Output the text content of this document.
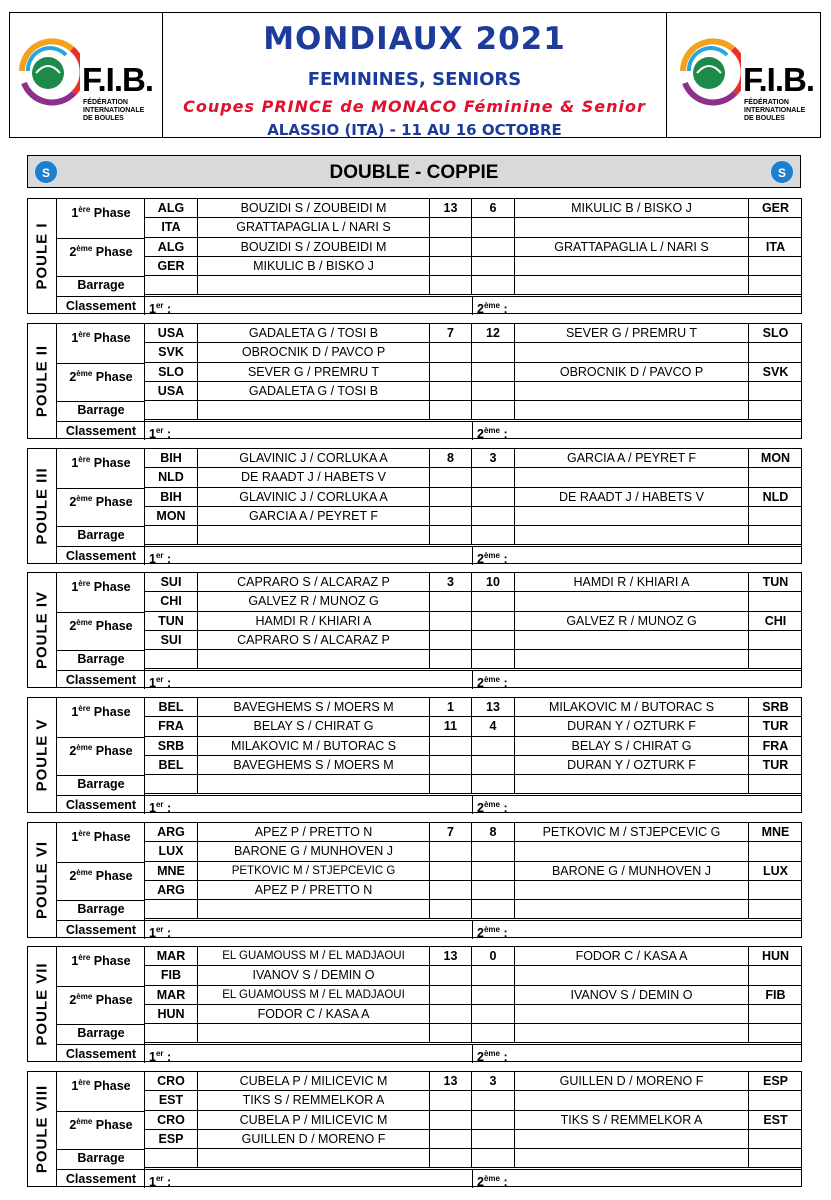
F.I.B.
FÉDÉRATION
INTERNATIONALE
DE BOULES
MONDIAUX 2021
FEMININES, SENIORS
Coupes PRINCE de MONACO Féminine & Senior
ALASSIO (ITA) - 11 AU 16 OCTOBRE
F.I.B.
FÉDÉRATION
INTERNATIONALE
DE BOULES
S	DOUBLE - COPPIE	S
POULE I
1ère Phase
2ème Phase
ALG	BOUZIDI S / ZOUBEIDI M	13	6	MIKULIC B / BISKO J	GER
ITA	GRATTAPAGLIA L / NARI S
ALG	BOUZIDI S / ZOUBEIDI M	GRATTAPAGLIA L / NARI S	ITA
GER	MIKULIC B / BISKO J
Barrage
Classement	1er :	2ème :
POULE II
1ère Phase
2ème Phase
USA	GADALETA G / TOSI B	7	12	SEVER G / PREMRU T	SLO
SVK	OBROCNIK D / PAVCO P
SLO	SEVER G / PREMRU T	OBROCNIK D / PAVCO P	SVK
USA	GADALETA G / TOSI B
Barrage
Classement	1er :	2ème :
POULE III
1ère Phase
2ème Phase
BIH	GLAVINIC J / CORLUKA A	8	3	GARCIA A / PEYRET F	MON
NLD	DE RAADT J / HABETS V
BIH	GLAVINIC J / CORLUKA A	DE RAADT J / HABETS V	NLD
MON	GARCIA A / PEYRET F
Barrage
Classement	1er :	2ème :
POULE IV
1ère Phase
2ème Phase
SUI	CAPRARO S / ALCARAZ P	3	10	HAMDI R / KHIARI A	TUN
CHI	GALVEZ R / MUNOZ G
TUN	HAMDI R / KHIARI A	GALVEZ R / MUNOZ G	CHI
SUI	CAPRARO S / ALCARAZ P
Barrage
Classement	1er :	2ème :
POULE V
1ère Phase
2ème Phase
BEL	BAVEGHEMS S / MOERS M	1	13	MILAKOVIC M / BUTORAC S	SRB
FRA	BELAY S / CHIRAT G	11	4	DURAN Y / OZTURK F	TUR
SRB	MILAKOVIC M / BUTORAC S	BELAY S / CHIRAT G	FRA
BEL	BAVEGHEMS S / MOERS M	DURAN Y / OZTURK F	TUR
Barrage
Classement	1er :	2ème :
POULE VI
1ère Phase
2ème Phase
ARG	APEZ P / PRETTO N	7	8	PETKOVIC M / STJEPCEVIC G	MNE
LUX	BARONE G / MUNHOVEN J
MNE	PETKOVIC M / STJEPCEVIC G	BARONE G / MUNHOVEN J	LUX
ARG	APEZ P / PRETTO N
Barrage
Classement	1er :	2ème :
POULE VII
1ère Phase
2ème Phase
MAR	EL GUAMOUSS M / EL MADJAOUI	13	0	FODOR C / KASA A	HUN
FIB	IVANOV S / DEMIN O
MAR	EL GUAMOUSS M / EL MADJAOUI	IVANOV S / DEMIN O	FIB
HUN	FODOR C / KASA A
Barrage
Classement	1er :	2ème :
POULE VIII	1ère Phase
2ème Phase
CRO	CUBELA P / MILICEVIC M	13	3	GUILLEN D / MORENO F	ESP
EST	TIKS S / REMMELKOR A
CRO	CUBELA P / MILICEVIC M	TIKS S / REMMELKOR A	EST
ESP	GUILLEN D / MORENO F
Barrage
Classement	1er :	2ème :
